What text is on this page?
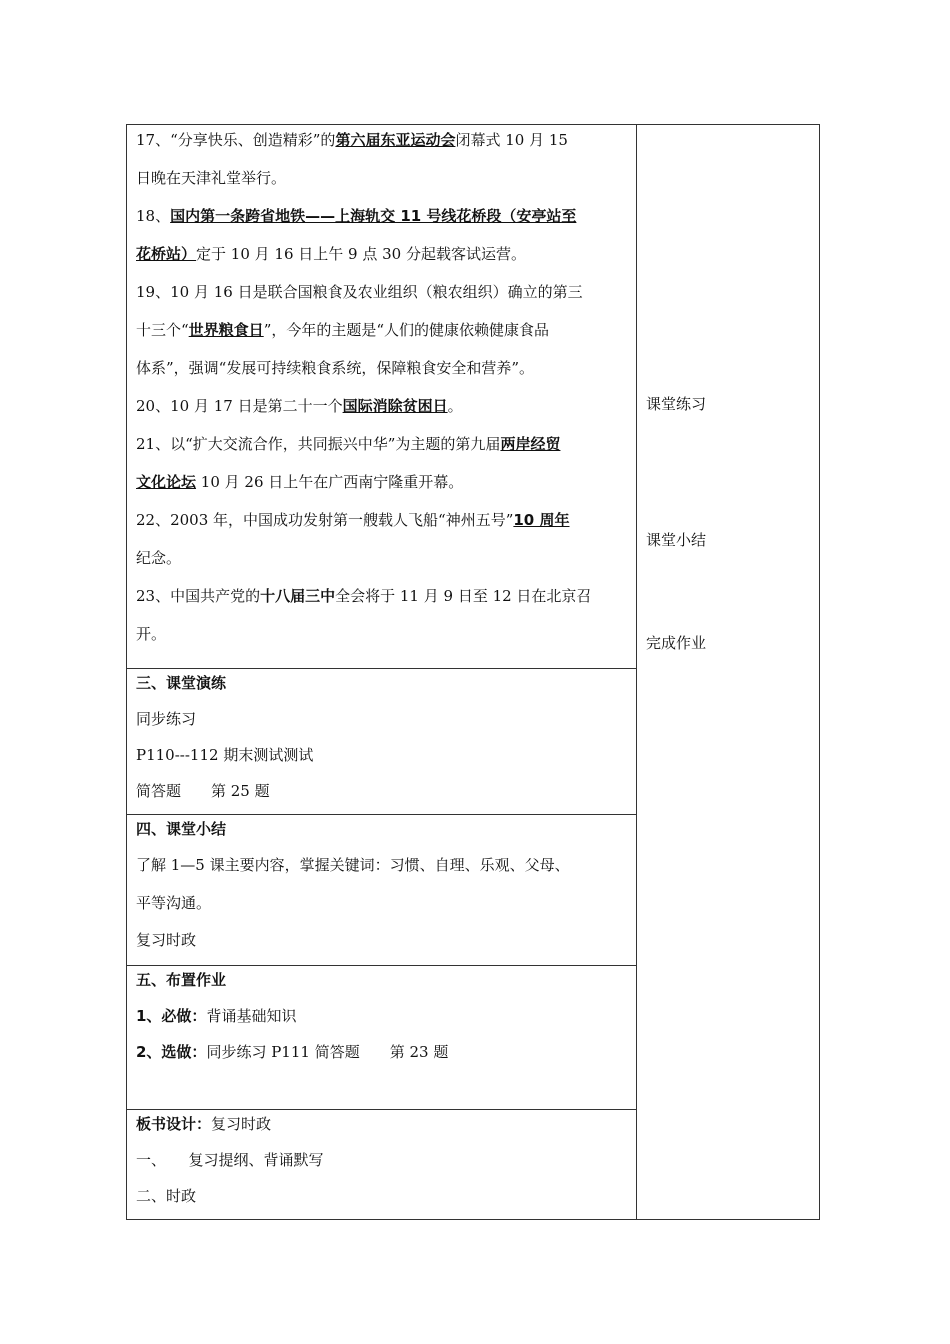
17、“分享快乐、创造精彩”的第六届东亚运动会闭幕式 10 月 15
日晚在天津礼堂举行。
18、国内第一条跨省地铁——上海轨交 11 号线花桥段（安亭站至
花桥站）定于 10 月 16 日上午 9 点 30 分起载客试运营。
19、10 月 16 日是联合国粮食及农业组织（粮农组织）确立的第三
十三个“世界粮食日”，今年的主题是“人们的健康依赖健康食品
体系”，强调“发展可持续粮食系统，保障粮食安全和营养”。
20、10 月 17 日是第二十一个国际消除贫困日。
21、以“扩大交流合作，共同振兴中华”为主题的第九届两岸经贸
文化论坛 10 月 26 日上午在广西南宁隆重开幕。
22、2003 年，中国成功发射第一艘载人飞船“神州五号”10 周年
纪念。
23、中国共产党的十八届三中全会将于 11 月 9 日至 12 日在北京召
开。
三、课堂演练
同步练习
P110---112 期末测试测试
简答题　　第 25 题
四、课堂小结
了解 1—5 课主要内容，掌握关键词：习惯、自理、乐观、父母、
平等沟通。
复习时政
五、布置作业
1、必做：背诵基础知识
2、选做：同步练习 P111 简答题　　第 23 题
板书设计：复习时政
一、　　复习提纲、背诵默写
二、时政
课堂练习
课堂小结
完成作业
